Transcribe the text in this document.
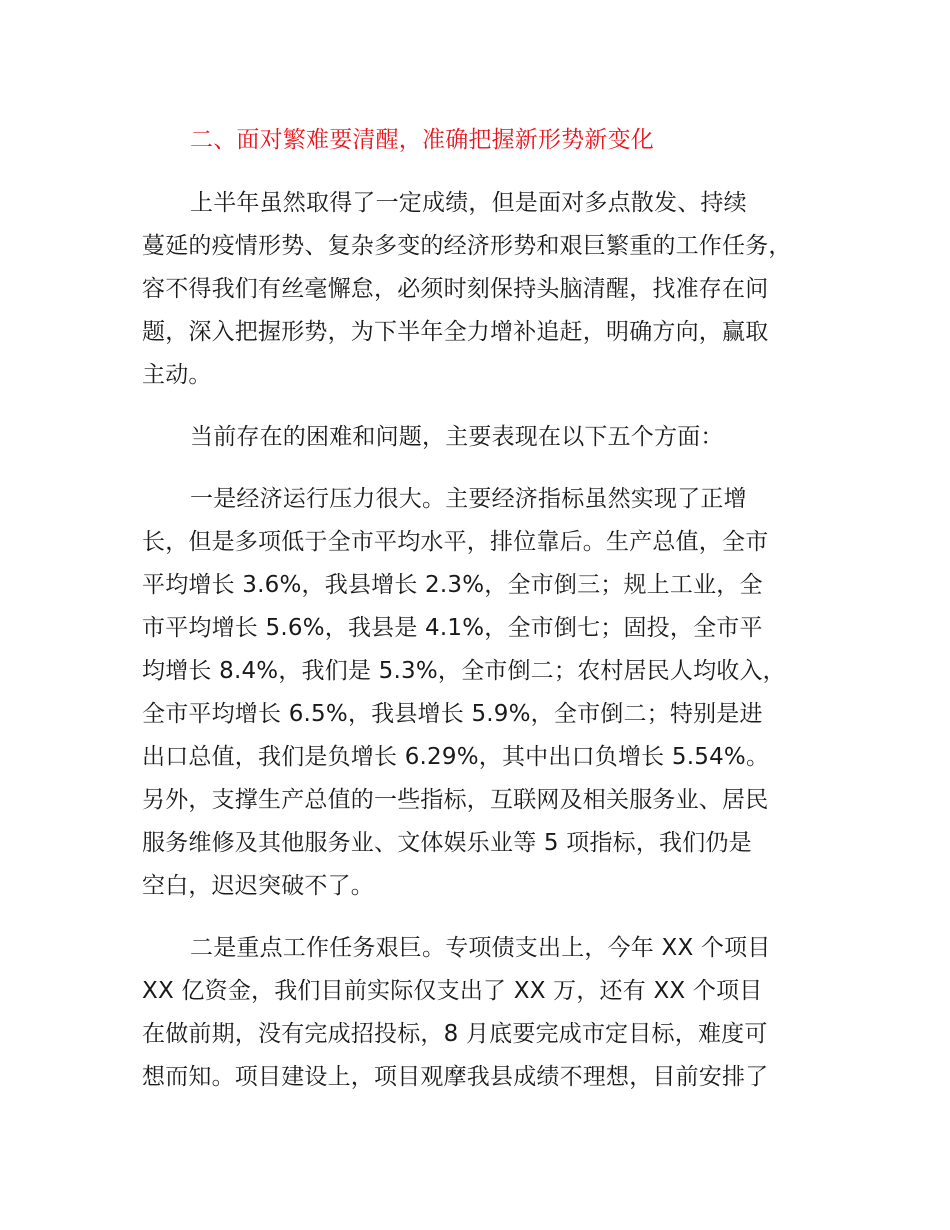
二、面对繁难要清醒，准确把握新形势新变化
上半年虽然取得了一定成绩，但是面对多点散发、持续
蔓延的疫情形势、复杂多变的经济形势和艰巨繁重的工作任务，
容不得我们有丝毫懈怠，必须时刻保持头脑清醒，找准存在问
题，深入把握形势，为下半年全力增补追赶，明确方向，赢取
主动。
当前存在的困难和问题，主要表现在以下五个方面：
一是经济运行压力很大。主要经济指标虽然实现了正增
长，但是多项低于全市平均水平，排位靠后。生产总值，全市
平均增长 3.6%，我县增长 2.3%，全市倒三；规上工业，全
市平均增长 5.6%，我县是 4.1%，全市倒七；固投，全市平
均增长 8.4%，我们是 5.3%，全市倒二；农村居民人均收入，
全市平均增长 6.5%，我县增长 5.9%，全市倒二；特别是进
出口总值，我们是负增长 6.29%，其中出口负增长 5.54%。
另外，支撑生产总值的一些指标，互联网及相关服务业、居民
服务维修及其他服务业、文体娱乐业等 5 项指标，我们仍是
空白，迟迟突破不了。
二是重点工作任务艰巨。专项债支出上，今年 XX 个项目
XX 亿资金，我们目前实际仅支出了 XX 万，还有 XX 个项目
在做前期，没有完成招投标，8 月底要完成市定目标，难度可
想而知。项目建设上，项目观摩我县成绩不理想，目前安排了
